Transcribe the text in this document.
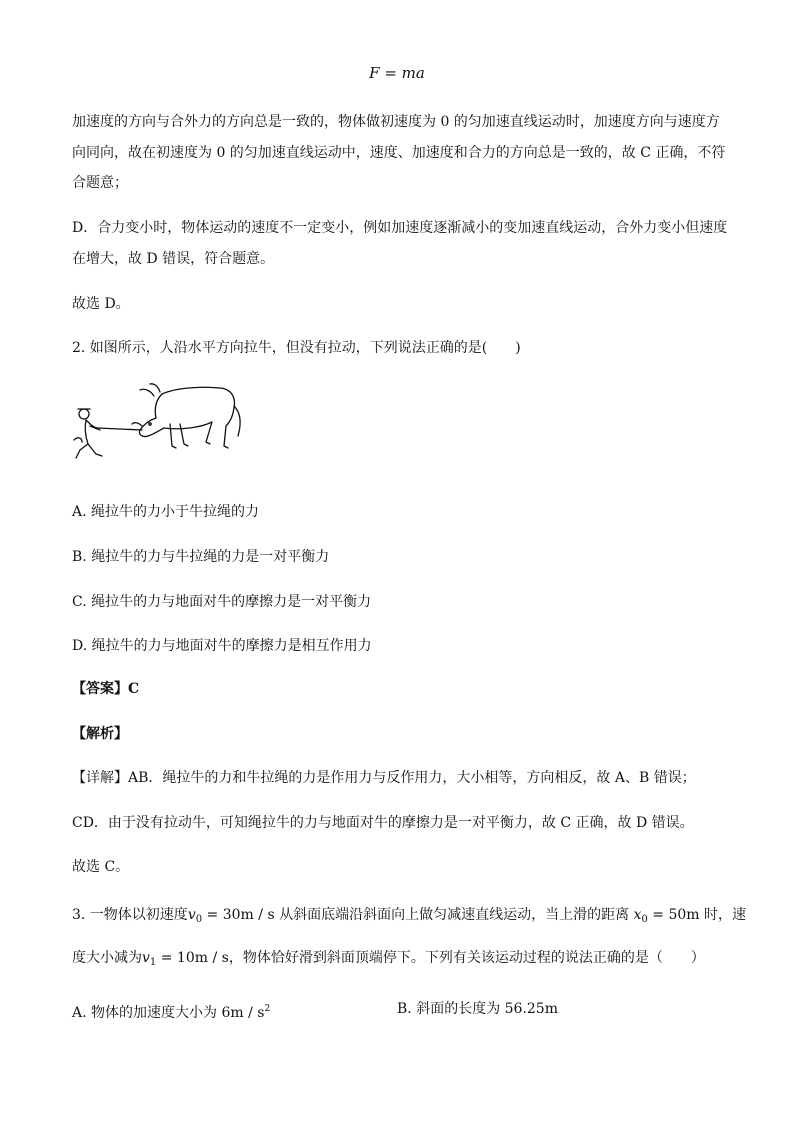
F = ma
加速度的方向与合外力的方向总是一致的，物体做初速度为 0 的匀加速直线运动时，加速度方向与速度方
向同向，故在初速度为 0 的匀加速直线运动中，速度、加速度和合力的方向总是一致的，故 C 正确，不符
合题意；
D．合力变小时，物体运动的速度不一定变小，例如加速度逐渐减小的变加速直线运动，合外力变小但速度
在增大，故 D 错误，符合题意。
故选 D。
2. 如图所示，人沿水平方向拉牛，但没有拉动，下列说法正确的是(　　)
A. 绳拉牛的力小于牛拉绳的力
B. 绳拉牛的力与牛拉绳的力是一对平衡力
C. 绳拉牛的力与地面对牛的摩擦力是一对平衡力
D. 绳拉牛的力与地面对牛的摩擦力是相互作用力
【答案】C
【解析】
【详解】AB．绳拉牛的力和牛拉绳的力是作用力与反作用力，大小相等，方向相反，故 A、B 错误；
CD．由于没有拉动牛，可知绳拉牛的力与地面对牛的摩擦力是一对平衡力，故 C 正确，故 D 错误。
故选 C。
3. 一物体以初速度$v_0 = 30m / s$ 从斜面底端沿斜面向上做匀减速直线运动，当上滑的距离 $x_0 = 50m$ 时，速
度大小减为$v_1 = 10m / s$，物体恰好滑到斜面顶端停下。下列有关该运动过程的说法正确的是（　　）
A. 物体的加速度大小为 $6m / s^2$	B. 斜面的长度为 56.25m
